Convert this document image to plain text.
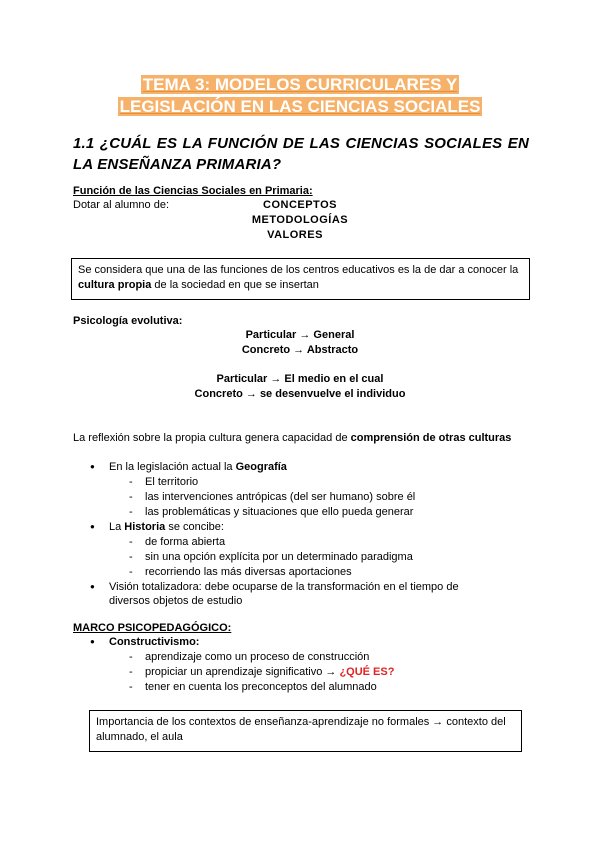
TEMA 3: MODELOS CURRICULARES Y
LEGISLACIÓN EN LAS CIENCIAS SOCIALES
1.1 ¿CUÁL ES LA FUNCIÓN DE LAS CIENCIAS SOCIALES EN LA ENSEÑANZA PRIMARIA?
Función de las Ciencias Sociales en Primaria:
Dotar al alumno de:	CONCEPTOS
METODOLOGÍAS
VALORES
Se considera que una de las funciones de los centros educativos es la de dar a conocer la cultura propia de la sociedad en que se insertan
Psicología evolutiva:
Particular → General
Concreto → Abstracto
Particular → El medio en el cual
Concreto → se desenvuelve el individuo
La reflexión sobre la propia cultura genera capacidad de comprensión de otras culturas
● En la legislación actual la Geografía
- El territorio
- las intervenciones antrópicas (del ser humano) sobre él
- las problemáticas y situaciones que ello pueda generar
● La Historia se concibe:
- de forma abierta
- sin una opción explícita por un determinado paradigma
- recorriendo las más diversas aportaciones
● Visión totalizadora: debe ocuparse de la transformación en el tiempo de diversos objetos de estudio
MARCO PSICOPEDAGÓGICO:
● Constructivismo:
- aprendizaje como un proceso de construcción
- propiciar un aprendizaje significativo → ¿QUÉ ES?
- tener en cuenta los preconceptos del alumnado
Importancia de los contextos de enseñanza-aprendizaje no formales → contexto del alumnado, el aula
